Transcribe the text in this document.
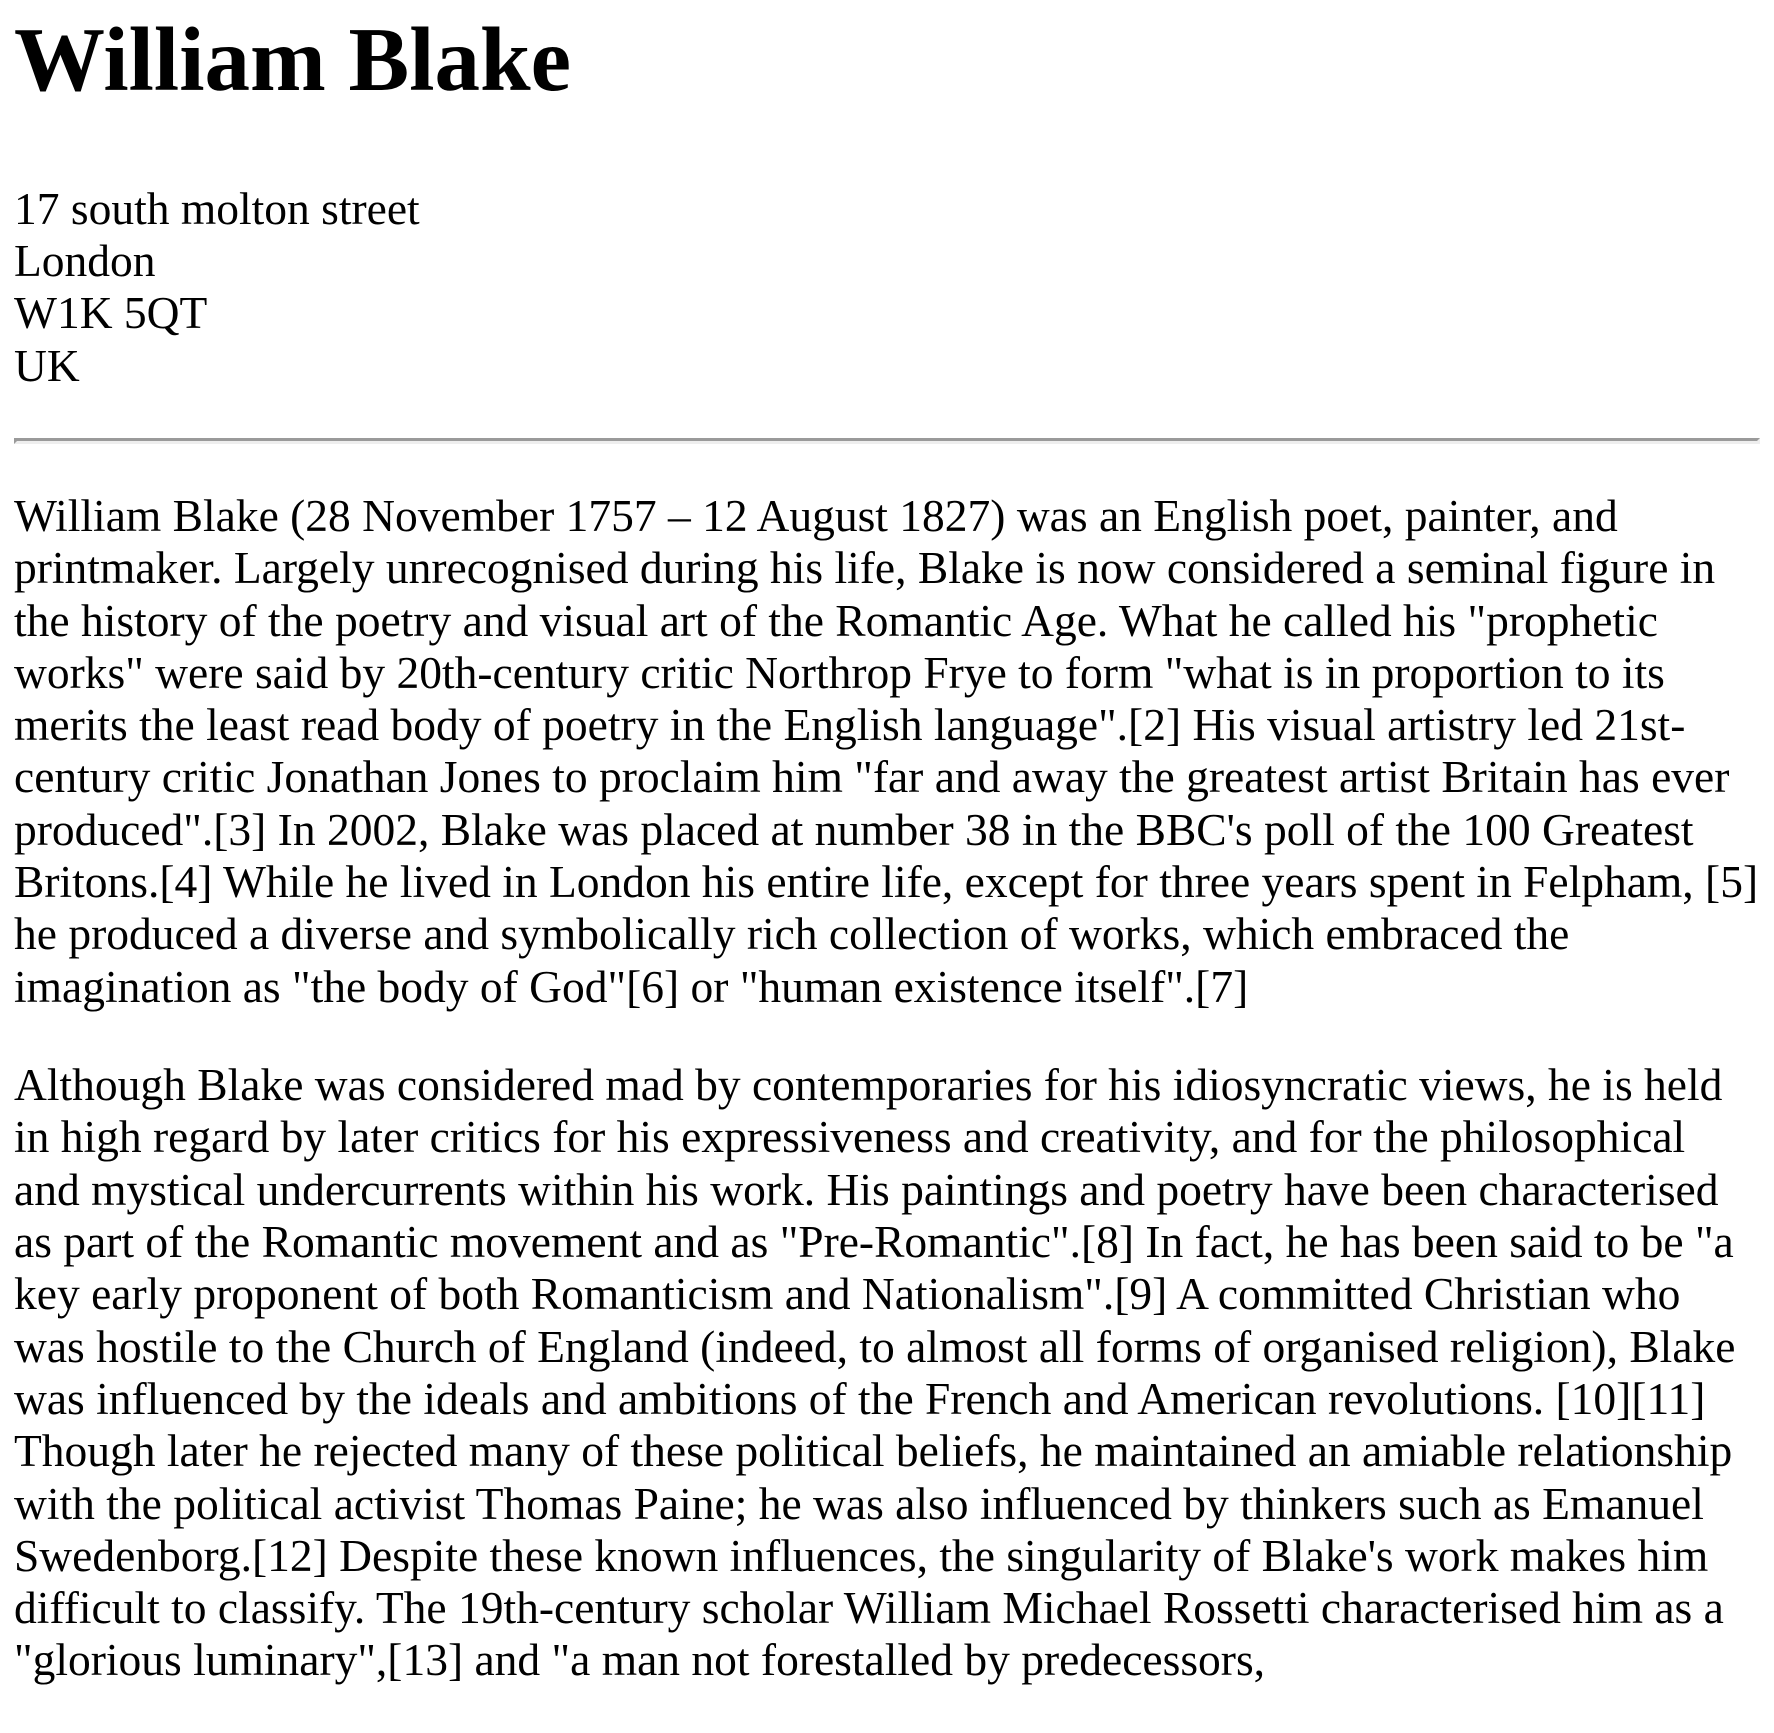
William Blake

17 south molton street
London
W1K 5QT
UK

William Blake (28 November 1757 – 12 August 1827) was an English poet, painter, and printmaker. Largely unrecognised during his life, Blake is now considered a seminal figure in the history of the poetry and visual art of the Romantic Age. What he called his "prophetic works" were said by 20th-century critic Northrop Frye to form "what is in proportion to its merits the least read body of poetry in the English language".[2] His visual artistry led 21st-century critic Jonathan Jones to proclaim him "far and away the greatest artist Britain has ever produced".[3] In 2002, Blake was placed at number 38 in the BBC's poll of the 100 Greatest Britons.[4] While he lived in London his entire life, except for three years spent in Felpham, [5] he produced a diverse and symbolically rich collection of works, which embraced the imagination as "the body of God"[6] or "human existence itself".[7]

Although Blake was considered mad by contemporaries for his idiosyncratic views, he is held in high regard by later critics for his expressiveness and creativity, and for the philosophical and mystical undercurrents within his work. His paintings and poetry have been characterised as part of the Romantic movement and as "Pre-Romantic".[8] In fact, he has been said to be "a key early proponent of both Romanticism and Nationalism".[9] A committed Christian who was hostile to the Church of England (indeed, to almost all forms of organised religion), Blake was influenced by the ideals and ambitions of the French and American revolutions. [10][11] Though later he rejected many of these political beliefs, he maintained an amiable relationship with the political activist Thomas Paine; he was also influenced by thinkers such as Emanuel Swedenborg.[12] Despite these known influences, the singularity of Blake's work makes him difficult to classify. The 19th-century scholar William Michael Rossetti characterised him as a "glorious luminary",[13] and "a man not forestalled by predecessors,
